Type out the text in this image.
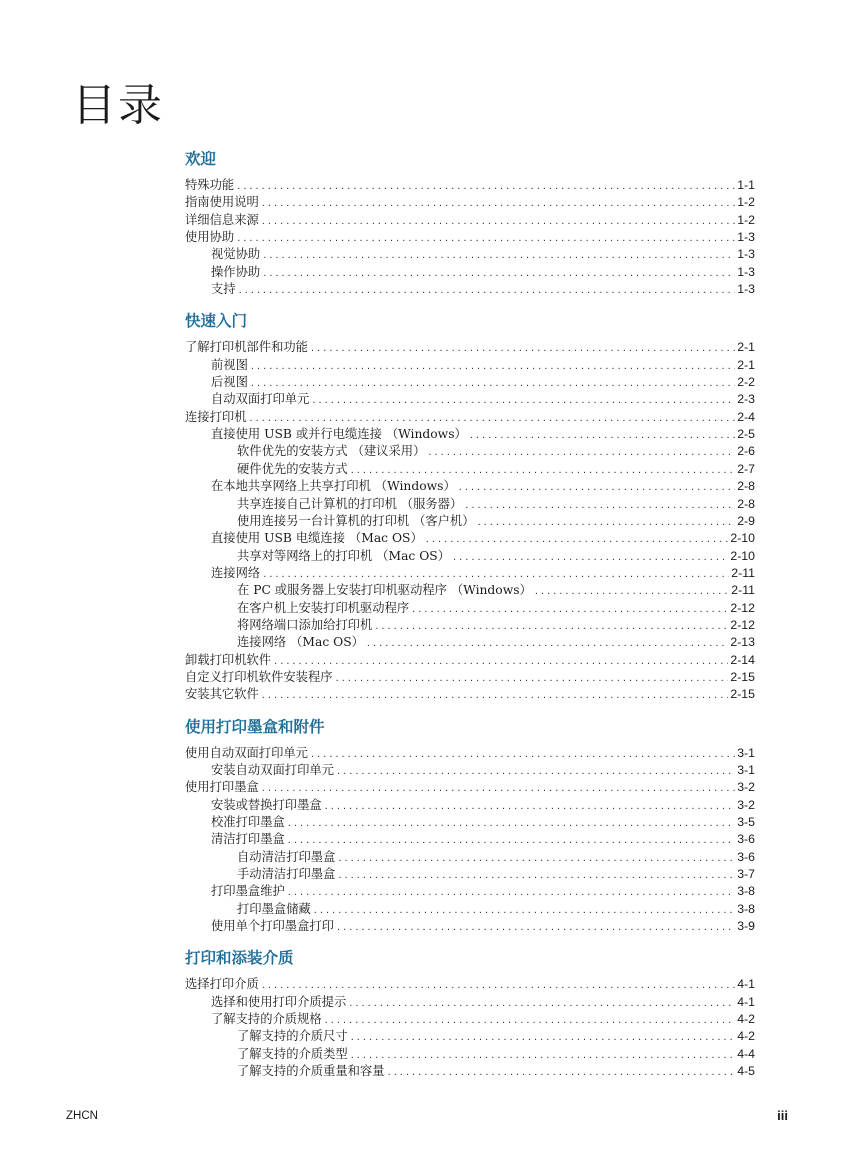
目录
欢迎
特殊功能 . . .	1-1
指南使用说明 . . .	1-2
详细信息来源 . . .	1-2
使用协助 . . .	1-3
视觉协助 . . .	1-3
操作协助 . . .	1-3
支持 . . .	1-3
快速入门
了解打印机部件和功能 . . .	2-1
前视图 . . .	2-1
后视图 . . .	2-2
自动双面打印单元 . . .	2-3
连接打印机 . . .	2-4
直接使用 USB 或并行电缆连接 （Windows） . . .	2-5
软件优先的安装方式 （建议采用） . . .	2-6
硬件优先的安装方式 . . .	2-7
在本地共享网络上共享打印机 （Windows） . . .	2-8
共享连接自己计算机的打印机 （服务器） . . .	2-8
使用连接另一台计算机的打印机 （客户机） . . .	2-9
直接使用 USB 电缆连接 （Mac OS） . . .	2-10
共享对等网络上的打印机 （Mac OS） . . .	2-10
连接网络 . . .	2-11
在 PC 或服务器上安装打印机驱动程序 （Windows） . . .	2-11
在客户机上安装打印机驱动程序 . . .	2-12
将网络端口添加给打印机 . . .	2-12
连接网络 （Mac OS） . . .	2-13
卸载打印机软件 . . .	2-14
自定义打印机软件安装程序 . . .	2-15
安装其它软件 . . .	2-15
使用打印墨盒和附件
使用自动双面打印单元 . . .	3-1
安装自动双面打印单元 . . .	3-1
使用打印墨盒 . . .	3-2
安装或替换打印墨盒 . . .	3-2
校准打印墨盒 . . .	3-5
清洁打印墨盒 . . .	3-6
自动清洁打印墨盒 . . .	3-6
手动清洁打印墨盒 . . .	3-7
打印墨盒维护 . . .	3-8
打印墨盒储藏 . . .	3-8
使用单个打印墨盒打印 . . .	3-9
打印和添装介质
选择打印介质 . . .	4-1
选择和使用打印介质提示 . . .	4-1
了解支持的介质规格 . . .	4-2
了解支持的介质尺寸 . . .	4-2
了解支持的介质类型 . . .	4-4
了解支持的介质重量和容量 . . .	4-5
ZHCN	iii
